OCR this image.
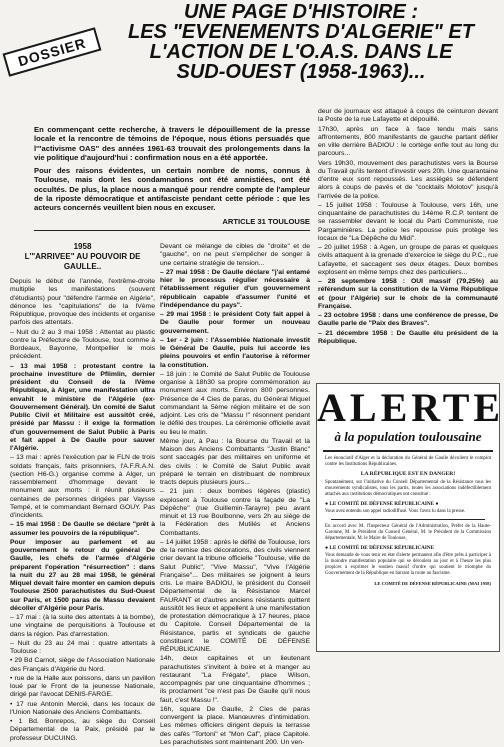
DOSSIER
UNE PAGE D'HISTOIRE :
LES "EVENEMENTS D'ALGERIE" ET
L'ACTION DE L'O.A.S. DANS LE
SUD-OUEST (1958-1963)...

En commençant cette recherche, à travers le dépouillement de la presse locale et la rencontre de témoins de l'époque, nous étions persuadés que l'"activisme OAS" des années 1961-63 trouvait des prolongements dans la vie politique d'aujourd'hui : confirmation nous en a été apportée.

Pour des raisons évidentes, un certain nombre de noms, connus à Toulouse, mais dont les condamnations ont été amnistiées, ont été occultés. De plus, la place nous a manqué pour rendre compte de l'ampleur de la riposte démocratique et antifasciste pendant cette période : que les acteurs concernés veuillent bien nous en excuser.

ARTICLE 31 TOULOUSE
1958
L'"ARRIVEE" AU POUVOIR DE GAULLE..

Depuis le début de l'année, l'extrême-droite multiplie les manifestations (souvent d'étudiants) pour "défendre l'armée en Algérie", dénonce les "capitulations" de la IVème République, provoque des incidents et organise parfois des attentats.

– Nuit du 2 au 3 mai 1958 : Attentat au plastic contre la Préfecture de Toulouse, tout comme à Bordeaux, Bayonne, Montpellier le mois précédent.

– 13 mai 1958 : protestant contre la prochaine investiture de Pflimlin, dernier président du Conseil de la IVème République, à Alger, une manifestation ultra envahit le ministère de l'Algérie (ex-Gouvernement Général). Un comité de Salut Public Civil et Militaire est aussitôt créé, présidé par Massu : il exige la formation d'un gouvernement de Salut Public à Paris et fait appel à De Gaulle pour sauver l'Algérie.

– 13 mai : après l'exécution par le FLN de trois soldats français, faits prisonniers, l'A.F.R.A.N. (section H6-G.) organise comme à Alger, un rassemblement d'hommage devant le monument aux morts : il réunit plusieurs centaines de personnes dirigées par Vaysse Tempé, et le commandant Bernard GOUY. Pas d'incidents.

– 15 mai 1958 : De Gaulle se déclare "prêt à assumer les pouvoirs de la république".

Pour imposer au parlement et au gouvernement le retour du général De Gaulle, les chefs de l'armée d'Algérie préparent l'opération "résurrection" : dans la nuit du 27 au 28 mai 1958, le général Miquel devait faire monter en camion depuis Toulouse 2500 parachutistes du Sud-Ouest sur Paris, et 1500 paras de Massu devaient décoller d'Algérie pour Paris.

– 17 mai : (à la suite des attentats à la bombe), une vingtaine de perquisitions à Toulouse et dans la région. Pas d'arrestation.

– Nuit du 23 au 24 mai : quatre attentats à Toulouse :

• 29 Bd Carnot, siège de l'Association Nationale des Français d'Algérie du Nord.

• rue de la Halle aux poissons, dans un pavillon loué par le Front de la jeunesse Nationale, dirigé par l'avocat DENIS-FARGE.

• 17 rue Antonin Mercié, dans les locaux de l'Union Nationale des Anciens Combattants.

• 1 Bd. Bonrepos, au siège du Conseil Départemental de la Paix, présidé par le professeur DUCUING.

Devant ce mélange de cibles de "droite" et de "gauche", on ne peut s'empêcher de songer à une certaine stratégie de tension...

– 27 mai 1958 : De Gaulle déclare "j'ai entamé hier le processus régulier nécessaire à l'établissement régulier d'un gouvernement républicain capable d'assumer l'unité et l'indépendance du pays".

– 29 mai 1958 : le président Coty fait appel à De Gaulle pour former un nouveau gouvernement.

– 1er - 2 juin : l'Assemblée Nationale investit le Général De Gaulle, puis lui accorde les pleins pouvoirs et enfin l'autorise à réformer la constitution.

– 18 juin : le Comité de Salut Public de Toulouse organise à 18h30 sa propre commémoration au monument aux morts. Environ 800 personnes. Présence de 4 Cies de paras, du Général Miquel commandant la 5ème région militaire et de son adjoint. Les cris de "Massu !" résonnent pendant le défilé des troupes. La cérémonie officielle avait eu lieu le matin.

Même jour, à Pau : la Bourse du Travail et la Maison des Anciens Combattants "Justin Blanc" sont saccagés par des militaires en uniforme et des civils : le Comité de Salut Public avait préparé le terrain en distribuant de nombreux tracts depuis plusieurs jours...

– 21 juin : deux bombes légères (plastic) explosent à Toulouse contre la façade de "La Dépêche" (rue Guillemin-Tarayre) peu avant minuit et 13 rue Boulbonne, vers 2h au siège de la Fédération des Mutilés et Anciens Combattants.

– 14 juillet 1958 : après le défilé de Toulouse, lors de la remise des décorations, des civils viennent crier devant la tribune officielle "Toulouse, ville de Salut Public", "Vive Massu", "Vive l'Algérie Française"... Des militaires se joignent à leurs cris. Le maire BADIOU, le président du Conseil Départemental de la Résistance Marcel FAURANT et d'autres anciens résistants quittent aussitôt les lieux et appellent à une manifestation de protestation démocratique à 17 heures, place du Capitole. Conseil Départemental de la Résistance, partis et syndicats de gauche constituent le COMITÉ DE DÉFENSE RÉPUBLICAINE.

14h, deux capitaines et un lieutenant parachutistes s'invitent à boire et à manger au restaurant "La Frégate", place Wilson, accompagnés par une cinquantaine d'hommes ; ils proclament "ce n'est pas De Gaulle qu'il nous faut, c'est Massu !".

16h, square De Gaulle, 2 Cies de paras convergent la place. Manœuvres d'intimidation. Les mêmes officiers dirigent depuis la terrasse des cafés "Tortoni" et "Mon Caf", place Capitole. Les parachutistes sont maintenant 200. Un ven-

deur de journaux est attaqué à coups de ceinturon devant la Poste de la rue Lafayette et dépouillé.

17h30, après un face à face tendu mais sans affrontements, 800 manifestants de gauche partant défiler en ville derrière BADIOU : le cortège enfle tout au long du parcours...

Vers 19h30, mouvement des parachutistes vers la Bourse du Travail qu'ils tentent d'investir vers 20h. Une quarantaine d'entre eux sont repoussés. Les assiégés se défendent alors à coups de pavés et de "cocktails Molotov" jusqu'à l'arrivée de la police.

– 15 juillet 1958 : Toulouse à Toulouse, vers 16h, une cinquantaine de parachutistes du 14ème R.C.P. tentent de se rassembler devant le local du Parti Communiste, rue Pargaminières. La police les repousse puis protège les locaux de "La Dépêche du Midi".

– 20 juillet 1958 : à Agen, un groupe de paras et quelques civils attaquent à la grenade d'exercice le siège du P.C., rue Lafayette, et saccagent ses deux étages. Deux bombes explosent en même temps chez des particuliers...

– 28 septembre 1958 : OUI massif (79,25%) au référendum sur la constitution de la Vème République et (pour l'Algérie) sur le choix de la communauté Française.

– 23 octobre 1958 : dans une conférence de presse, De Gaulle parle de "Paix des Braves".

– 21 décembre 1958 : De Gaulle élu président de la République.

ALERTE
à la population toulousaine

Les énonciatif d'Alger et la déclaration du Général de Gaulle dévoilent le complot contre les Institutions Républicaines.

LA RÉPUBLIQUE EST EN DANGER!

Spontanément, sur l'initiative du Conseil Départemental de la Résistance tous les mouvements syndicalistes, tous les partis, toutes les associations indéfectiblement attachés aux institutions démocratiques ont constitué :

● LE COMITÉ DE DÉFENSE RÉPUBLICAINE ●

Vous avez entendu son appel radiodiffusé. Vous l'avez lu dans la presse.

En accord avec M. l'Inspecteur Général de l'Administration, Préfet de la Haute-Garonne, M. le Président du Conseil Général, M. le Président de la Commission départementale, M. le Maire de Toulouse,

● LE COMITÉ DE DÉFENSE RÉPUBLICAINE

Vous demande de vous tenir en état d'alerte permanent afin d'être prêts à participer à la moindre manifestation populaire qui se déroulera au jour et à l'heure les plus propices à exprimer le soutien massif d'ordre qui soutient le triomphe du Gouvernement de la République en barrant la route au fascisme.

LE COMITÉ DE DÉFENSE RÉPUBLICAINE (MAI 1958)
